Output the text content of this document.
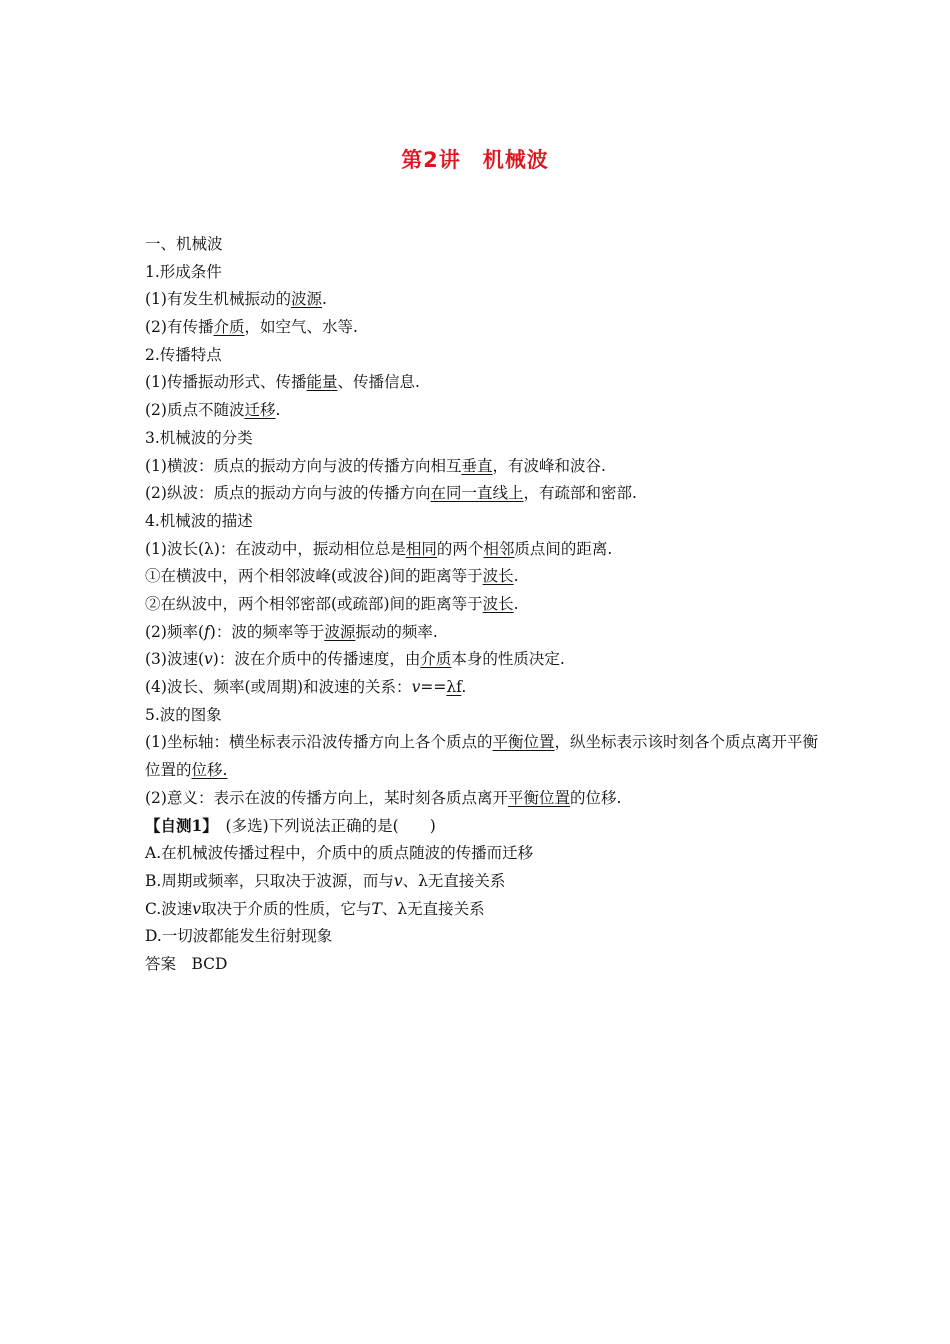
第2讲　机械波
一、机械波
1.形成条件
(1)有发生机械振动的波源.
(2)有传播介质，如空气、水等.
2.传播特点
(1)传播振动形式、传播能量、传播信息.
(2)质点不随波迁移.
3.机械波的分类
(1)横波：质点的振动方向与波的传播方向相互垂直，有波峰和波谷.
(2)纵波：质点的振动方向与波的传播方向在同一直线上，有疏部和密部.
4.机械波的描述
(1)波长(λ)：在波动中，振动相位总是相同的两个相邻质点间的距离.
①在横波中，两个相邻波峰(或波谷)间的距离等于波长.
②在纵波中，两个相邻密部(或疏部)间的距离等于波长.
(2)频率(f)：波的频率等于波源振动的频率.
(3)波速(v)：波在介质中的传播速度，由介质本身的性质决定.
(4)波长、频率(或周期)和波速的关系：v==λf.
5.波的图象
(1)坐标轴：横坐标表示沿波传播方向上各个质点的平衡位置，纵坐标表示该时刻各个质点离开平衡位置的位移.
(2)意义：表示在波的传播方向上，某时刻各质点离开平衡位置的位移.
【自测1】　(多选)下列说法正确的是(　　)
A.在机械波传播过程中，介质中的质点随波的传播而迁移
B.周期或频率，只取决于波源，而与v、λ无直接关系
C.波速v取决于介质的性质，它与T、λ无直接关系
D.一切波都能发生衍射现象
答案　BCD
